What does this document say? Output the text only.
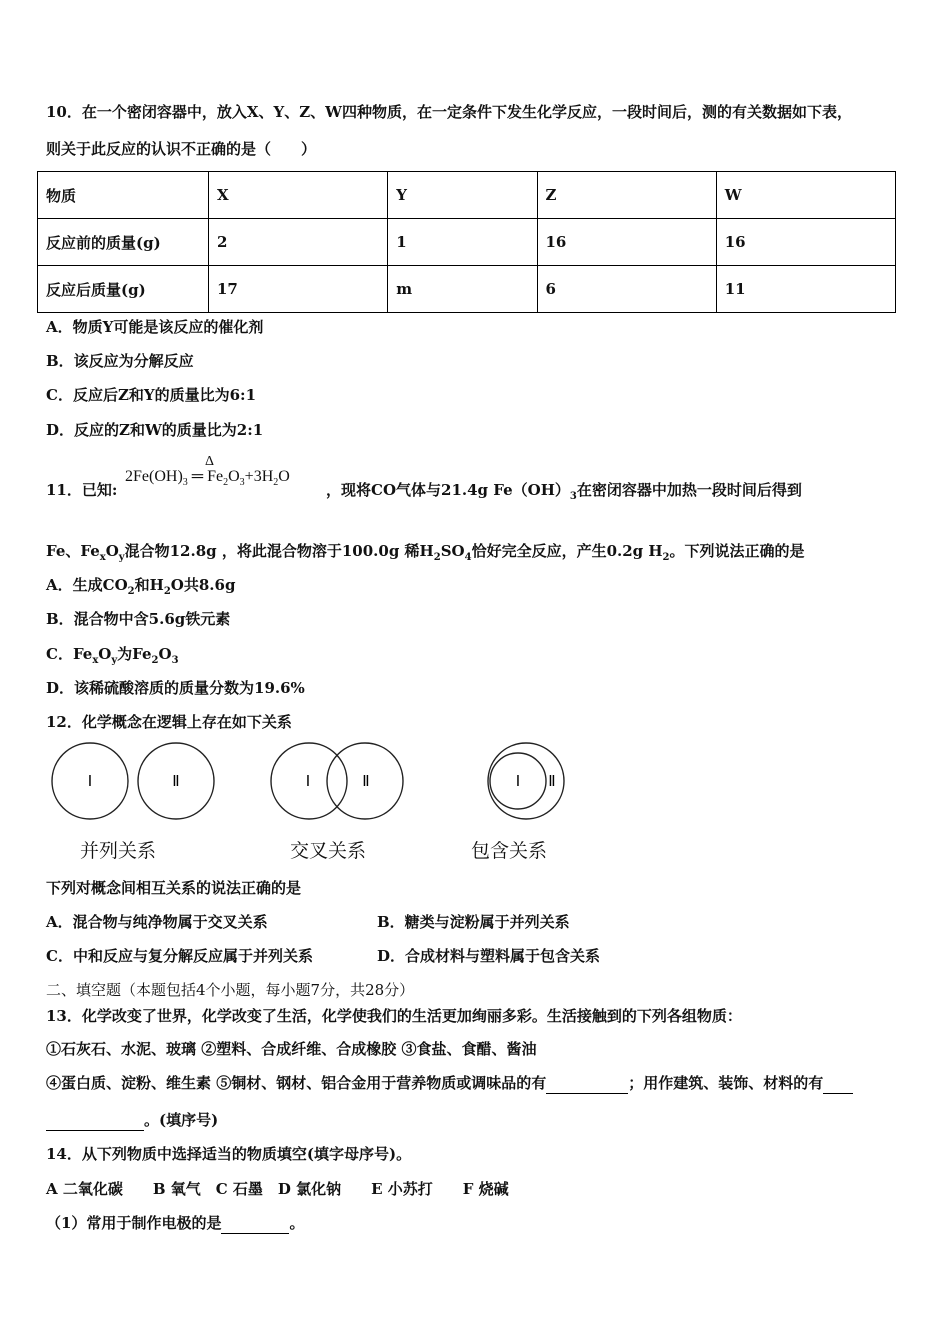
10．在一个密闭容器中，放入X、Y、Z、W四种物质，在一定条件下发生化学反应，一段时间后，测的有关数据如下表，
则关于此反应的认识不正确的是（　　）
物质	X	Y	Z	W
反应前的质量(g)	2	1	16	16
反应后质量(g)	17	m	6	11
A．物质Y可能是该反应的催化剂
B．该反应为分解反应
C．反应后Z和Y的质量比为6:1
D．反应的Z和W的质量比为2:1
11．已知:
Δ
$2Fe(OH)_3$ ═ $Fe_2O_3+3H_2O$
，现将CO气体与21.4g $Fe(OH)_3$在密闭容器中加热一段时间后得到
Fe、$Fe_xO_y$混合物12.8g ，将此混合物溶于100.0g 稀$H_2SO_4$恰好完全反应，产生0.2g $H_2$。下列说法正确的是
A．生成$CO_2$和$H_2O$共8.6g
B．混合物中含5.6g铁元素
C．$Fe_xO_y$为$Fe_2O_3$
D．该稀硫酸溶质的质量分数为19.6%
12．化学概念在逻辑上存在如下关系
Ⅰ	Ⅱ
并列关系
Ⅰ	Ⅱ
交叉关系
Ⅰ Ⅱ
包含关系
下列对概念间相互关系的说法正确的是
A．混合物与纯净物属于交叉关系	B．糖类与淀粉属于并列关系
C．中和反应与复分解反应属于并列关系	D．合成材料与塑料属于包含关系
二、填空题（本题包括4个小题，每小题7分，共28分）
13．化学改变了世界，化学改变了生活，化学使我们的生活更加绚丽多彩。生活接触到的下列各组物质：
①石灰石、水泥、玻璃 ②塑料、合成纤维、合成橡胶 ③食盐、食醋、酱油
④蛋白质、淀粉、维生素 ⑤铜材、钢材、铝合金用于营养物质或调味品的有	；用作建筑、装饰、材料的有
。(填序号)
14．从下列物质中选择适当的物质填空(填字母序号)。
A 二氧化碳　　B 氧气　C 石墨　D 氯化钠　　E 小苏打　　F 烧碱
（1）常用于制作电极的是	。
